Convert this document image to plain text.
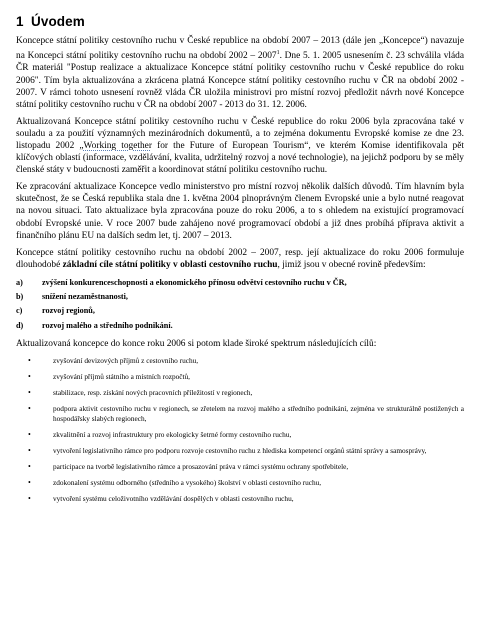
1 Úvodem

Koncepce státní politiky cestovního ruchu v České republice na období 2007 – 2013 (dále jen „Koncepce“) navazuje na Koncepci státní politiky cestovního ruchu na období 2002 – 2007$^1$. Dne 5. 1. 2005 usnesením č. 23 schválila vláda ČR materiál "Postup realizace a aktualizace Koncepce státní politiky cestovního ruchu v České republice do roku 2006". Tím byla aktualizována a zkrácena platná Koncepce státní politiky cestovního ruchu v ČR na období 2002 - 2007. V rámci tohoto usnesení rovněž vláda ČR uložila ministrovi pro místní rozvoj předložit návrh nové Koncepce státní politiky cestovního ruchu v ČR na období 2007 - 2013 do 31. 12. 2006.

Aktualizovaná Koncepce státní politiky cestovního ruchu v České republice do roku 2006 byla zpracována také v souladu a za použití významných mezinárodních dokumentů, a to zejména dokumentu Evropské komise ze dne 23. listopadu 2002 „Working together for the Future of European Tourism“, ve kterém Komise identifikovala pět klíčových oblastí (informace, vzdělávání, kvalita, udržitelný rozvoj a nové technologie), na jejichž podporu by se měly členské státy v budoucnosti zaměřit a koordinovat státní politiku cestovního ruchu.

Ke zpracování aktualizace Koncepce vedlo ministerstvo pro místní rozvoj několik dalších důvodů. Tím hlavním byla skutečnost, že se Česká republika stala dne 1. května 2004 plnoprávným členem Evropské unie a bylo nutné reagovat na novou situaci. Tato aktualizace byla zpracována pouze do roku 2006, a to s ohledem na existující programovací období Evropské unie. V roce 2007 bude zahájeno nové programovací období a již dnes probíhá příprava aktivit a finančního plánu EU na dalších sedm let, tj. 2007 – 2013.

Koncepce státní politiky cestovního ruchu na období 2002 – 2007, resp. její aktualizace do roku 2006 formuluje dlouhodobé základní cíle státní politiky v oblasti cestovního ruchu, jimiž jsou v obecné rovině především:

a) zvýšení konkurenceschopnosti a ekonomického přínosu odvětví cestovního ruchu v ČR,
b) snížení nezaměstnanosti,
c) rozvoj regionů,
d) rozvoj malého a středního podnikání.

Aktualizovaná koncepce do konce roku 2006 si potom klade široké spektrum následujících cílů:

•	zvyšování devizových příjmů z cestovního ruchu,
•	zvyšování příjmů státního a místních rozpočtů,
•	stabilizace, resp. získání nových pracovních příležitostí v regionech,
•	podpora aktivit cestovního ruchu v regionech, se zřetelem na rozvoj malého a středního podnikání, zejména ve strukturálně postižených a hospodářsky slabých regionech,
•	zkvalitnění a rozvoj infrastruktury pro ekologicky šetrné formy cestovního ruchu,
•	vytvoření legislativního rámce pro podporu rozvoje cestovního ruchu z hlediska kompetencí orgánů státní správy a samosprávy,
•	participace na tvorbě legislativního rámce a prosazování práva v rámci systému ochrany spotřebitele,
•	zdokonalení systému odborného (středního a vysokého) školství v oblasti cestovního ruchu,
•	vytvoření systému celoživotního vzdělávání dospělých v oblasti cestovního ruchu,
